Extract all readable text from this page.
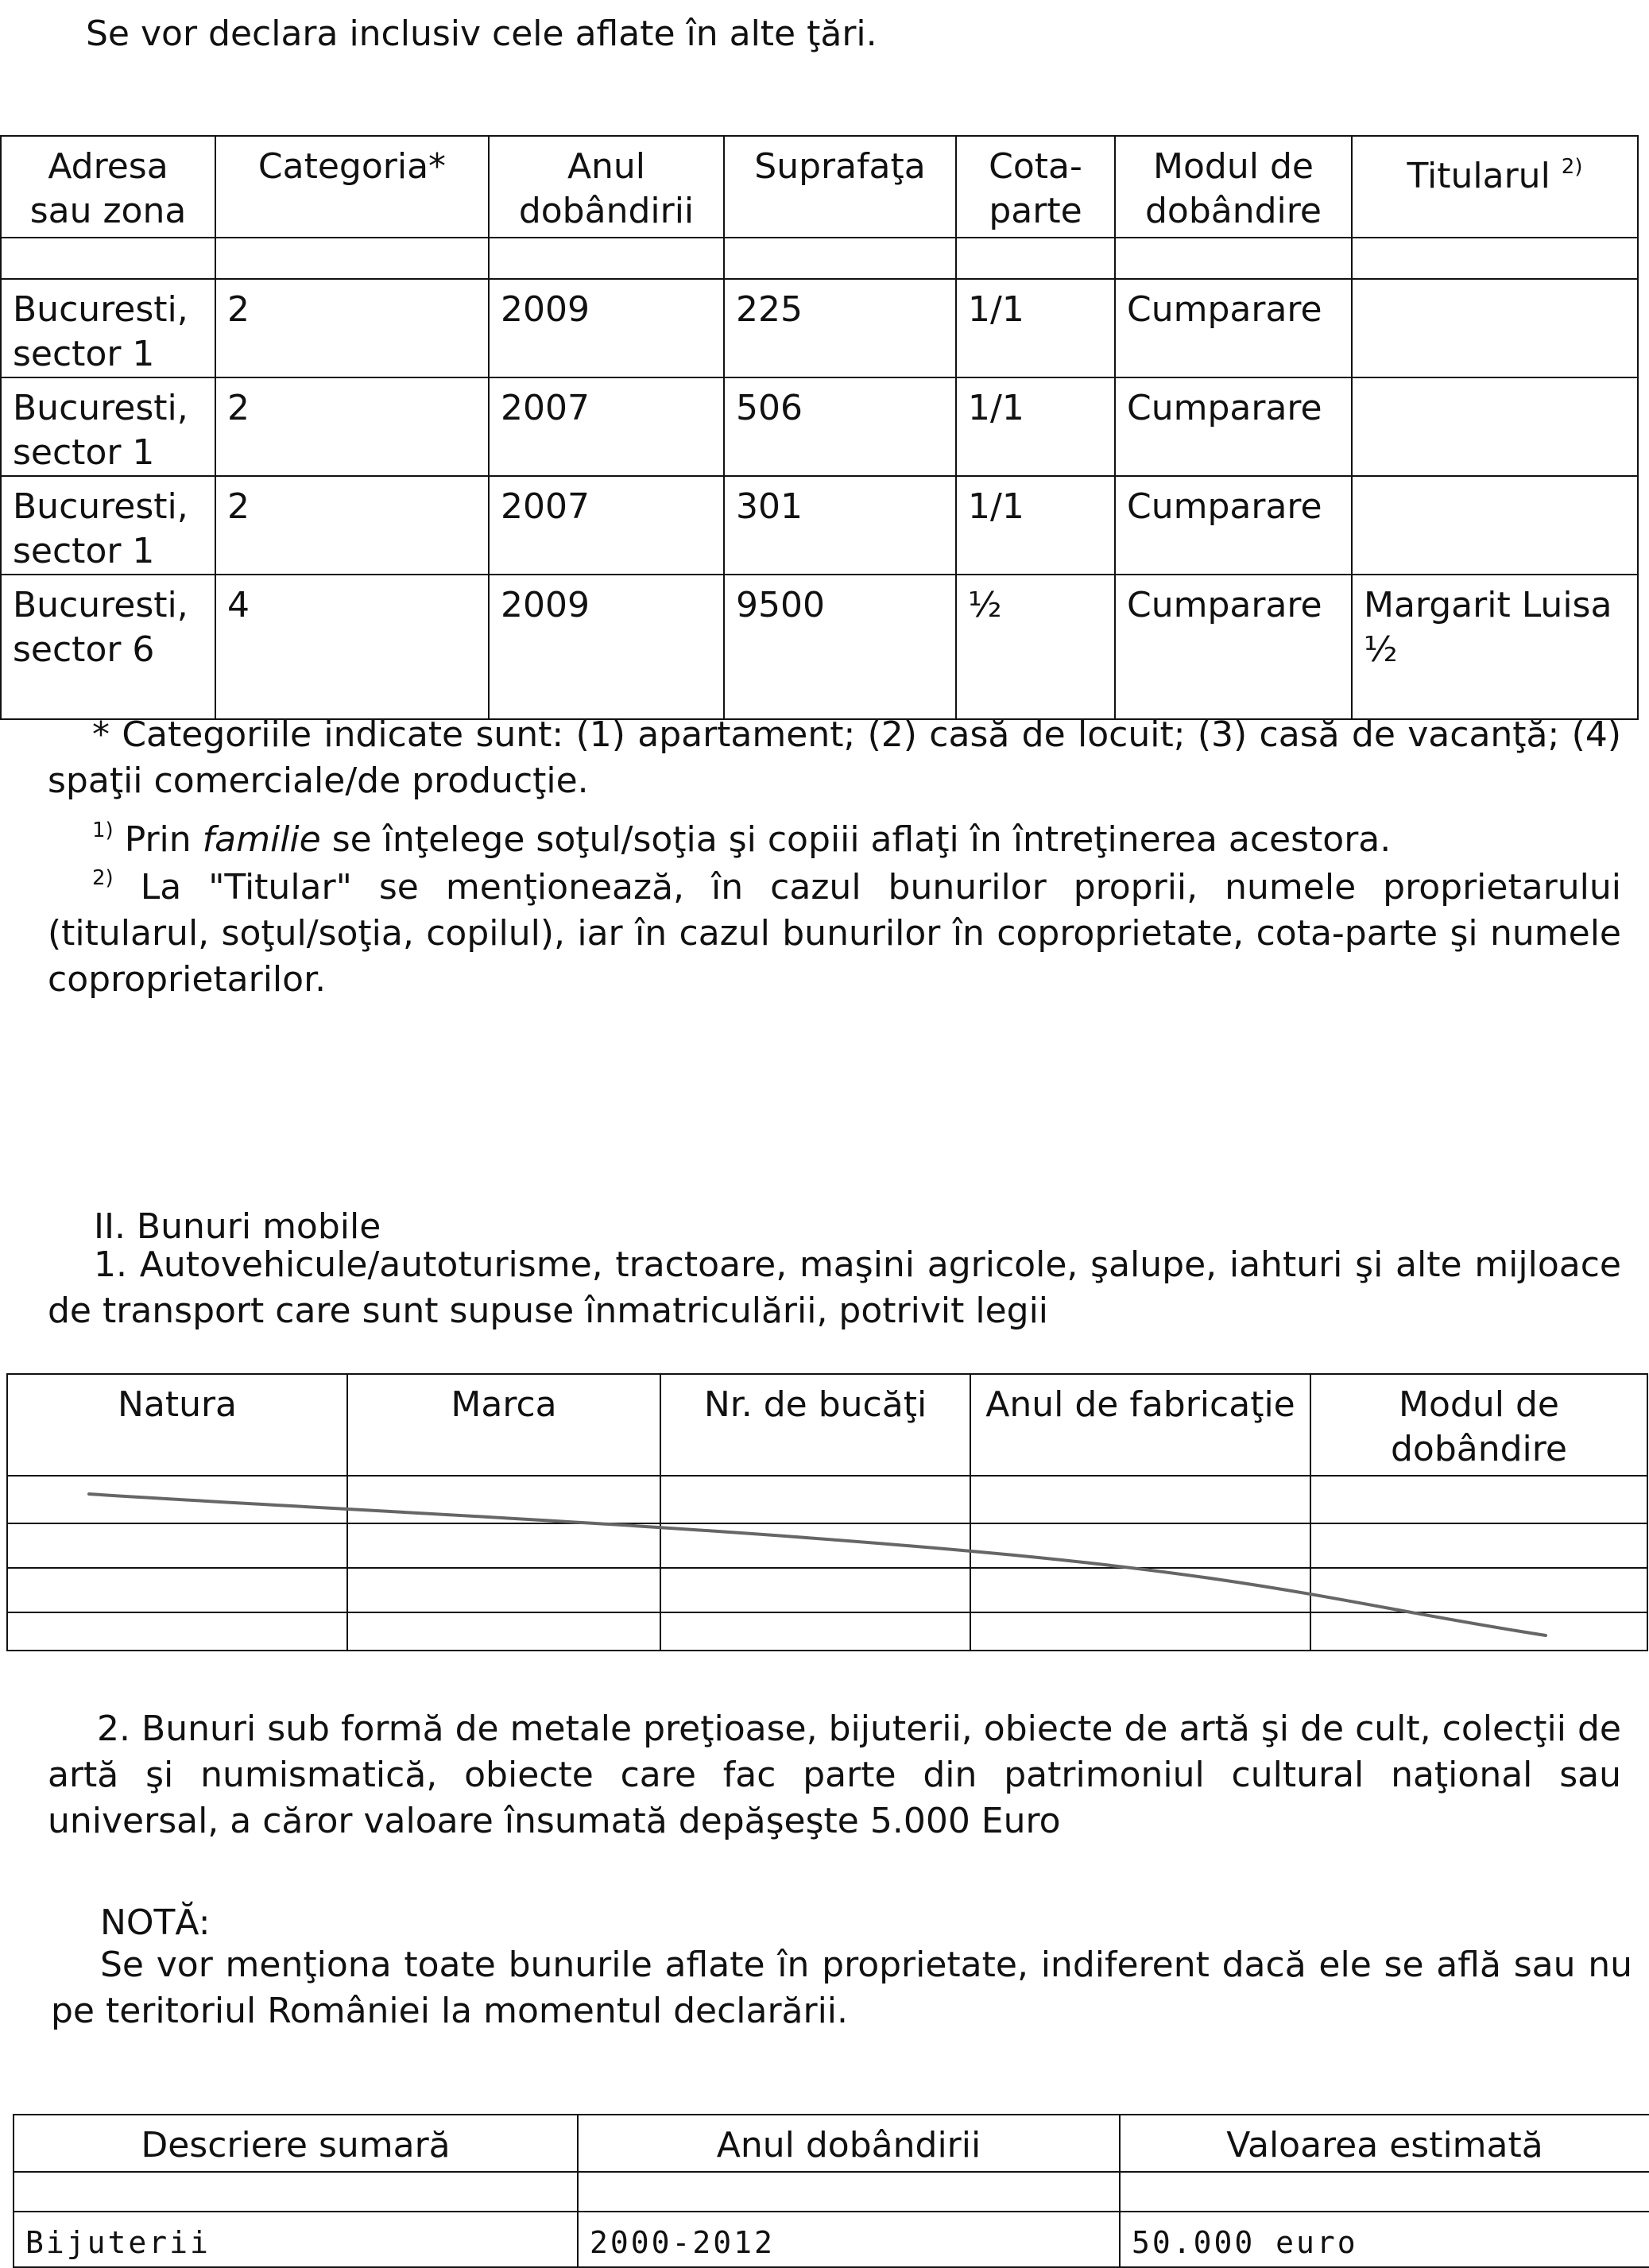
Se vor declara inclusiv cele aflate în alte ţări.
Adresa sau zona	Categoria*	Anul dobândirii	Suprafaţa	Cota-parte	Modul de dobândire	Titularul $^{2)}$

Bucuresti, sector 1	2	2009	225	1/1	Cumparare	
Bucuresti, sector 1	2	2007	506	1/1	Cumparare	
Bucuresti, sector 1	2	2007	301	1/1	Cumparare	
Bucuresti, sector 6	4	2009	9500	½	Cumparare	Margarit Luisa ½
* Categoriile indicate sunt: (1) apartament; (2) casă de locuit; (3) casă de vacanţă; (4) spaţii comerciale/de producţie.
$^{1)}$ Prin familie se înţelege soţul/soţia şi copiii aflaţi în întreţinerea acestora.
$^{2)}$ La "Titular" se menţionează, în cazul bunurilor proprii, numele proprietarului (titularul, soţul/soţia, copilul), iar în cazul bunurilor în coproprietate, cota-parte şi numele coproprietarilor.
II. Bunuri mobile
1. Autovehicule/autoturisme, tractoare, maşini agricole, şalupe, iahturi şi alte mijloace de transport care sunt supuse înmatriculării, potrivit legii
Natura	Marca	Nr. de bucăţi	Anul de fabricaţie	Modul de dobândire

2. Bunuri sub formă de metale preţioase, bijuterii, obiecte de artă şi de cult, colecţii de artă şi numismatică, obiecte care fac parte din patrimoniul cultural naţional sau universal, a căror valoare însumată depăşeşte 5.000 Euro
NOTĂ:
Se vor menţiona toate bunurile aflate în proprietate, indiferent dacă ele se află sau nu pe teritoriul României la momentul declarării.
Descriere sumară	Anul dobândirii	Valoarea estimată

Bijuterii	2000-2012	50.000 euro
